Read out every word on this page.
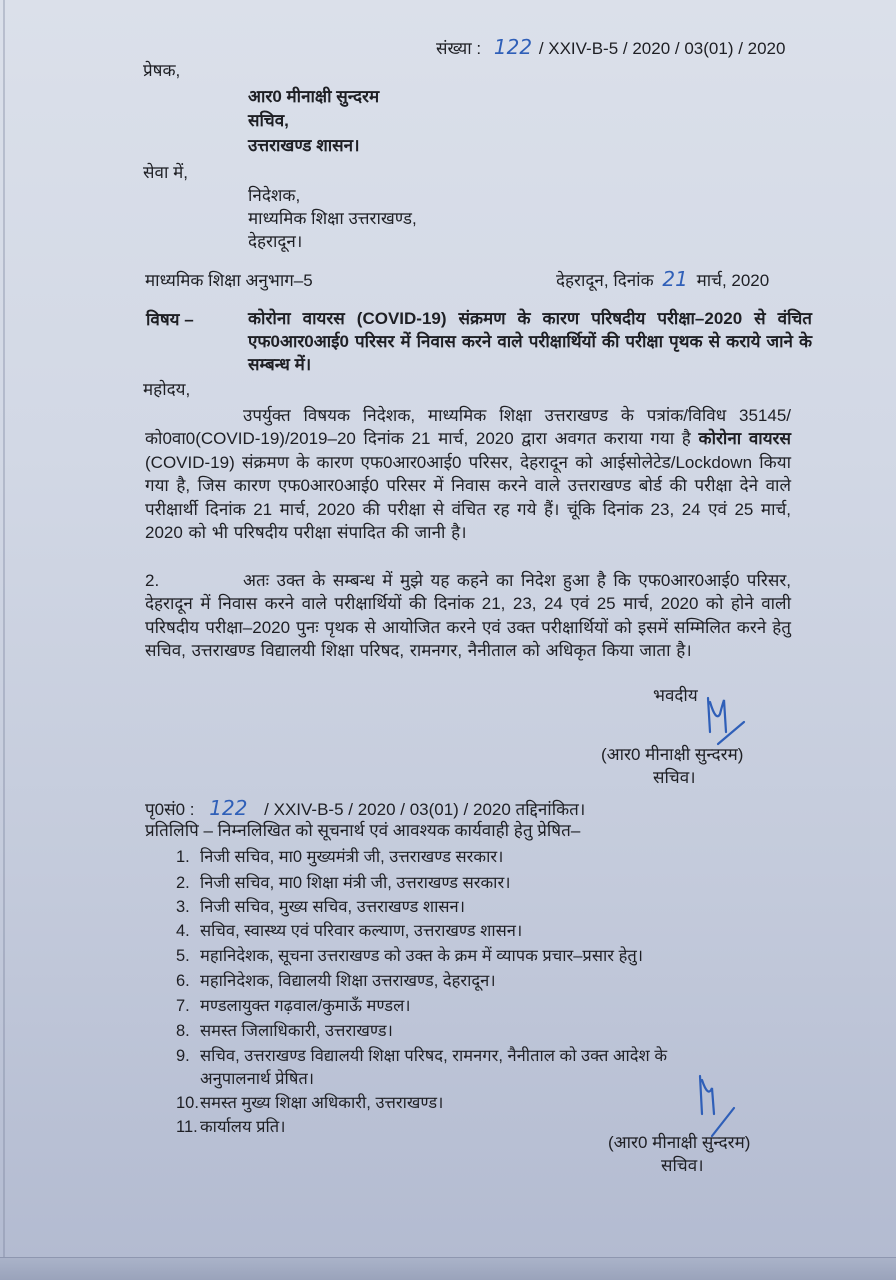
संख्या : 122 / XXIV-B-5 / 2020 / 03(01) / 2020
प्रेषक,
आर0 मीनाक्षी सुन्दरम
सचिव,
उत्तराखण्ड शासन।
सेवा में,
निदेशक,
माध्यमिक शिक्षा उत्तराखण्ड,
देहरादून।
माध्यमिक शिक्षा अनुभाग–5	देहरादून, दिनांक 21 मार्च, 2020
विषय –	कोरोना वायरस (COVID-19) संक्रमण के कारण परिषदीय परीक्षा–2020 से वंचित एफ0आर0आई0 परिसर में निवास करने वाले परीक्षार्थियों की परीक्षा पृथक से कराये जाने के सम्बन्ध में।
महोदय,
उपर्युक्त विषयक निदेशक, माध्यमिक शिक्षा उत्तराखण्ड के पत्रांक/विविध 35145/को0वा0(COVID-19)/2019–20 दिनांक 21 मार्च, 2020 द्वारा अवगत कराया गया है कोरोना वायरस (COVID-19) संक्रमण के कारण एफ0आर0आई0 परिसर, देहरादून को आईसोलेटेड/Lockdown किया गया है, जिस कारण एफ0आर0आई0 परिसर में निवास करने वाले उत्तराखण्ड बोर्ड की परीक्षा देने वाले परीक्षार्थी दिनांक 21 मार्च, 2020 की परीक्षा से वंचित रह गये हैं। चूंकि दिनांक 23, 24 एवं 25 मार्च, 2020 को भी परिषदीय परीक्षा संपादित की जानी है।
2.	अतः उक्त के सम्बन्ध में मुझे यह कहने का निदेश हुआ है कि एफ0आर0आई0 परिसर, देहरादून में निवास करने वाले परीक्षार्थियों की दिनांक 21, 23, 24 एवं 25 मार्च, 2020 को होने वाली परिषदीय परीक्षा–2020 पुनः पृथक से आयोजित करने एवं उक्त परीक्षार्थियों को इसमें सम्मिलित करने हेतु सचिव, उत्तराखण्ड विद्यालयी शिक्षा परिषद, रामनगर, नैनीताल को अधिकृत किया जाता है।
भवदीय
(आर0 मीनाक्षी सुन्दरम)
सचिव।
पृ0सं0 : 122 / XXIV-B-5 / 2020 / 03(01) / 2020 तद्दिनांकित।
प्रतिलिपि – निम्नलिखित को सूचनार्थ एवं आवश्यक कार्यवाही हेतु प्रेषित–
1. निजी सचिव, मा0 मुख्यमंत्री जी, उत्तराखण्ड सरकार।
2. निजी सचिव, मा0 शिक्षा मंत्री जी, उत्तराखण्ड सरकार।
3. निजी सचिव, मुख्य सचिव, उत्तराखण्ड शासन।
4. सचिव, स्वास्थ्य एवं परिवार कल्याण, उत्तराखण्ड शासन।
5. महानिदेशक, सूचना उत्तराखण्ड को उक्त के क्रम में व्यापक प्रचार–प्रसार हेतु।
6. महानिदेशक, विद्यालयी शिक्षा उत्तराखण्ड, देहरादून।
7. मण्डलायुक्त गढ़वाल/कुमाऊँ मण्डल।
8. समस्त जिलाधिकारी, उत्तराखण्ड।
9. सचिव, उत्तराखण्ड विद्यालयी शिक्षा परिषद, रामनगर, नैनीताल को उक्त आदेश के
अनुपालनार्थ प्रेषित।
10.समस्त मुख्य शिक्षा अधिकारी, उत्तराखण्ड।
11. कार्यालय प्रति।
(आर0 मीनाक्षी सुन्दरम)
सचिव।
